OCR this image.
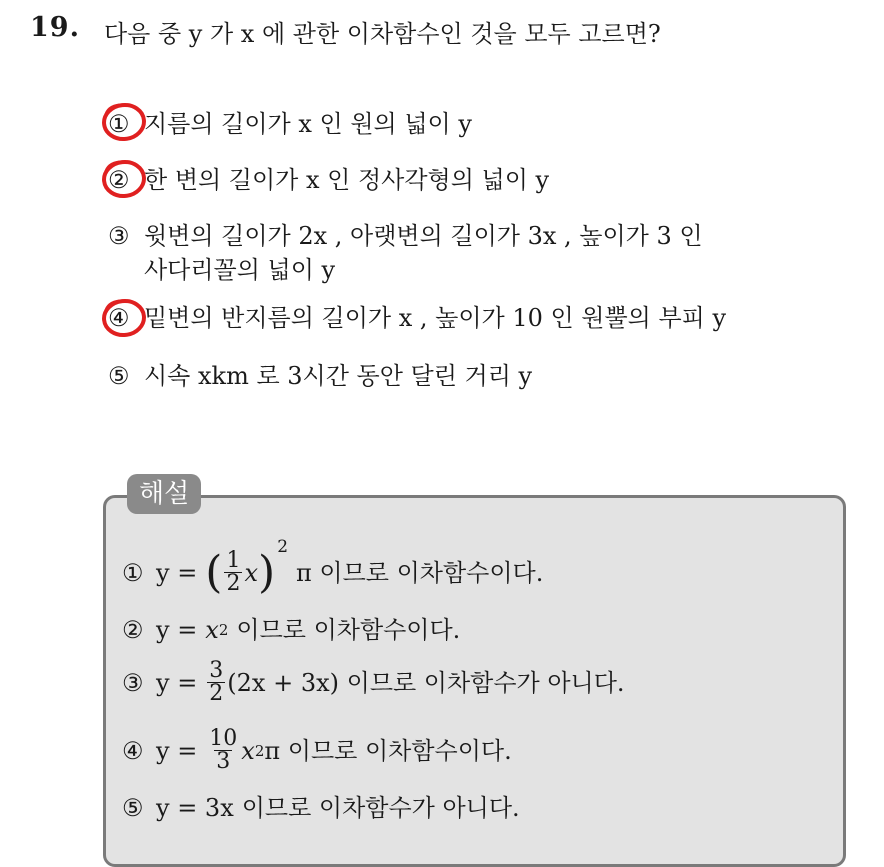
19. 다음 중 y 가 x 에 관한 이차함수인 것을 모두 고르면?
① 지름의 길이가 x 인 원의 넓이 y
② 한 변의 길이가 x 인 정사각형의 넓이 y
③ 윗변의 길이가 2x , 아랫변의 길이가 3x , 높이가 3 인
사다리꼴의 넓이 y
④ 밑변의 반지름의 길이가 x , 높이가 10 인 원뿔의 부피 y
⑤ 시속 xkm 로 3시간 동안 달린 거리 y
해설
① y = ( $\frac{1}{2}$ x ) 2
π 이므로 이차함수이다.
② y = x 2 이므로 이차함수이다.
③ $y = \frac{3}{2} (2x + 3x)$ 이므로 이차함수가 아니다.
④ $y = \frac{10}{3}$ x 2 π 이므로 이차함수이다.
⑤ y = 3x 이므로 이차함수가 아니다.
